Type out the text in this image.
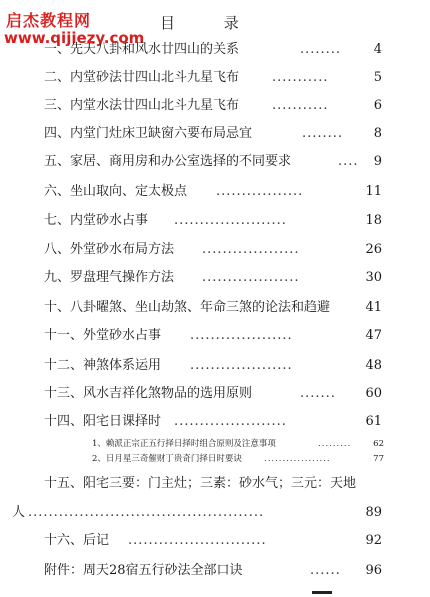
启杰教程网
www.qijiezy.com
目 录
一、先天八卦和风水廿四山的关系	........	4
二、内堂砂法廿四山北斗九星飞布	...........	5
三、内堂水法廿四山北斗九星飞布	...........	6
四、内堂门灶床卫缺窗六要布局忌宜	........	8
五、家居、商用房和办公室选择的不同要求	....	9
六、坐山取向、定太极点 .................	11
七、内堂砂水占事 ......................	18
八、外堂砂水布局方法 ...................	26
九、罗盘理气操作方法 ...................	30
十、八卦曜煞、坐山劫煞、年命三煞的论法和趋避	41
十一、外堂砂水占事 ....................	47
十二、神煞体系运用 ....................	48
十三、风水吉祥化煞物品的选用原则	.......	60
十四、阳宅日课择时 ......................	61
1、赖派正宗正五行择日择时组合原则及注意事项	.........	62
2、日月星三奇催财丁贵奇门择日时要诀	..................	77
十五、阳宅三要：门主灶；三素：砂水气；三元：天地
人 ..............................................	89
十六、后记 ...........................	92
附件：周天28宿五行砂法全部口诀	......	96
